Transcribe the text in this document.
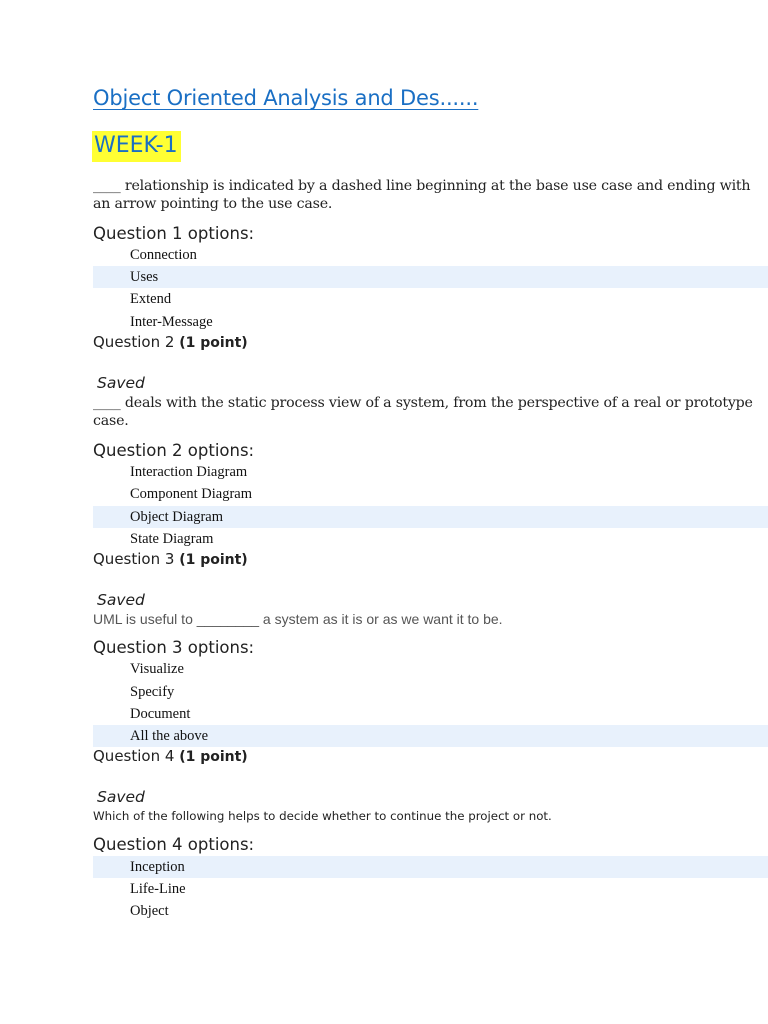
Object Oriented Analysis and Des......
WEEK-1
____ relationship is indicated by a dashed line beginning at the base use case and ending with an arrow pointing to the use case.
Question 1 options:
Connection
Uses
Extend
Inter-Message
Question 2 (1 point)
Saved
____ deals with the static process view of a system, from the perspective of a real or prototype case.
Question 2 options:
Interaction Diagram
Component Diagram
Object Diagram
State Diagram
Question 3 (1 point)
Saved
UML is useful to ________ a system as it is or as we want it to be.
Question 3 options:
Visualize
Specify
Document
All the above
Question 4 (1 point)
Saved
Which of the following helps to decide whether to continue the project or not.
Question 4 options:
Inception
Life-Line
Object
